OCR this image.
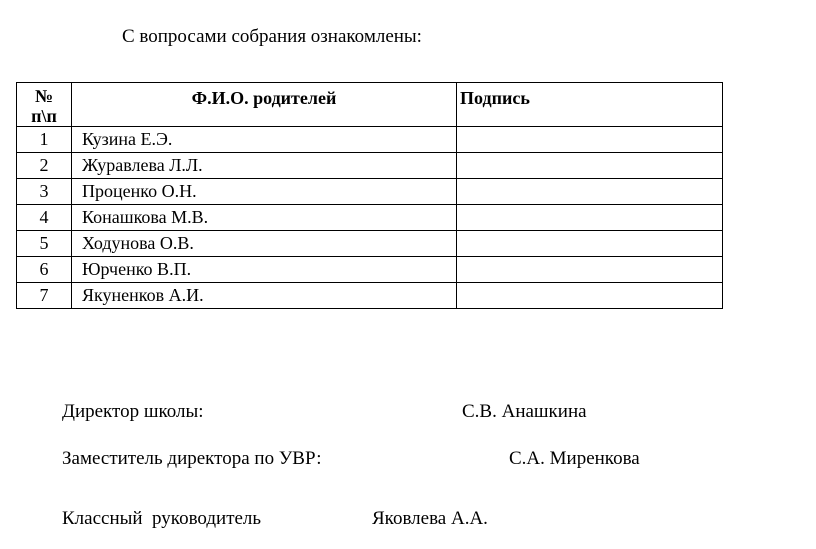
С вопросами собрания ознакомлены:
№
п\п	Ф.И.О. родителей	Подпись
1	Кузина Е.Э.	
2	Журавлева Л.Л.	
3	Проценко О.Н.	
4	Конашкова М.В.	
5	Ходунова О.В.	
6	Юрченко В.П.	
7	Якуненков А.И.	
Директор школы:	С.В. Анашкина
Заместитель директора по УВР:	С.А. Миренкова
Классный  руководитель	Яковлева А.А.
